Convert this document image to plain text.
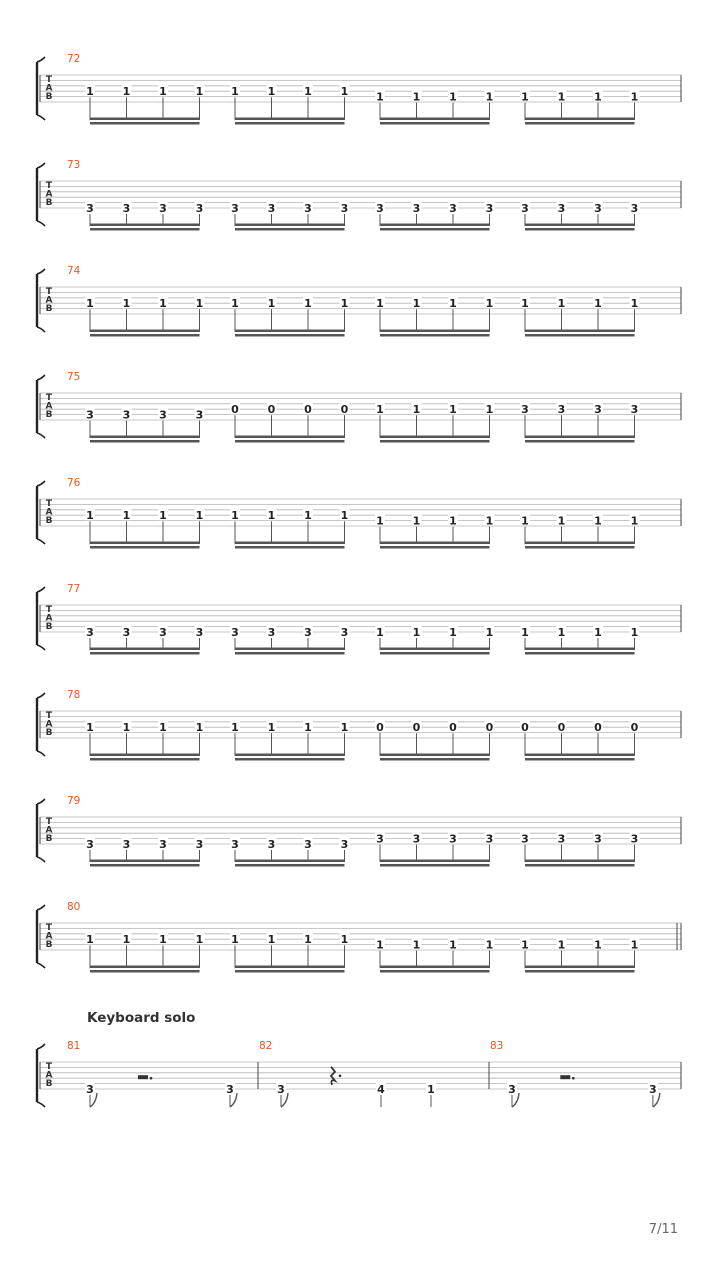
T
A
B
72
1	1	1	1	1	1	1	1	1	1	1	1	1	1	1	1
T
A
B
73
3	3	3	3	3	3	3	3	3	3	3	3	3	3	3	3
T
A
B
74
1	1	1	1	1	1	1	1	1	1	1	1	1	1	1	1
T
A
B
75
3	3	3	3	0	0	0	0	1	1	1	1	3	3	3	3
T
A
B
76
1	1	1	1	1	1	1	1	1	1	1	1	1	1	1	1
T
A
B
77
3	3	3	3	3	3	3	3	1	1	1	1	1	1	1	1
T
A
B
78
1	1	1	1	1	1	1	1	0	0	0	0	0	0	0	0
T
A
B
79
3	3	3	3	3	3	3	3	3	3	3	3	3	3	3	3
T
A
B
80
1	1	1	1	1	1	1	1	1	1	1	1	1	1	1	1
Keyboard solo
T
A
B
81
3	3
82
3	4	1
83
3	3
7/11
